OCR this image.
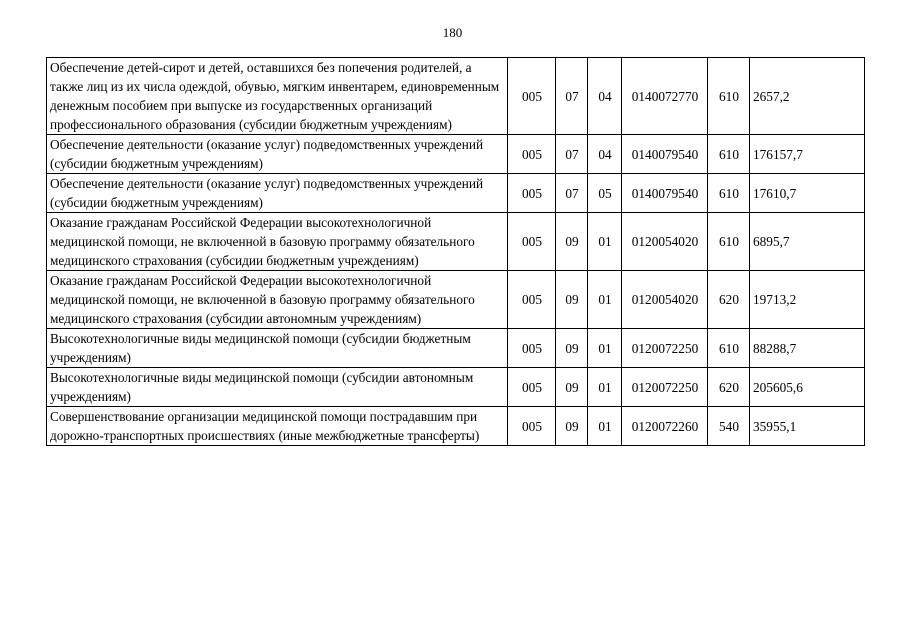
180
Обеспечение детей-сирот и детей, оставшихся без попечения родителей, а также лиц из их числа одеждой, обувью, мягким инвентарем, единовременным денежным пособием при выпуске из государственных организаций профессионального образования (субсидии бюджетным учреждениям)	005	07	04	0140072770	610	2657,2
Обеспечение деятельности (оказание услуг) подведомственных учреждений (субсидии бюджетным учреждениям)	005	07	04	0140079540	610	176157,7
Обеспечение деятельности (оказание услуг) подведомственных учреждений (субсидии бюджетным учреждениям)	005	07	05	0140079540	610	17610,7
Оказание гражданам Российской Федерации высокотехнологичной медицинской помощи, не включенной в базовую программу обязательного медицинского страхования (субсидии бюджетным учреждениям)	005	09	01	0120054020	610	6895,7
Оказание гражданам Российской Федерации высокотехнологичной медицинской помощи, не включенной в базовую программу обязательного медицинского страхования (субсидии автономным учреждениям)	005	09	01	0120054020	620	19713,2
Высокотехнологичные виды медицинской помощи (субсидии бюджетным учреждениям)	005	09	01	0120072250	610	88288,7
Высокотехнологичные виды медицинской помощи (субсидии автономным учреждениям)	005	09	01	0120072250	620	205605,6
Совершенствование организации медицинской помощи пострадавшим при дорожно-транспортных происшествиях (иные межбюджетные трансферты)	005	09	01	0120072260	540	35955,1
